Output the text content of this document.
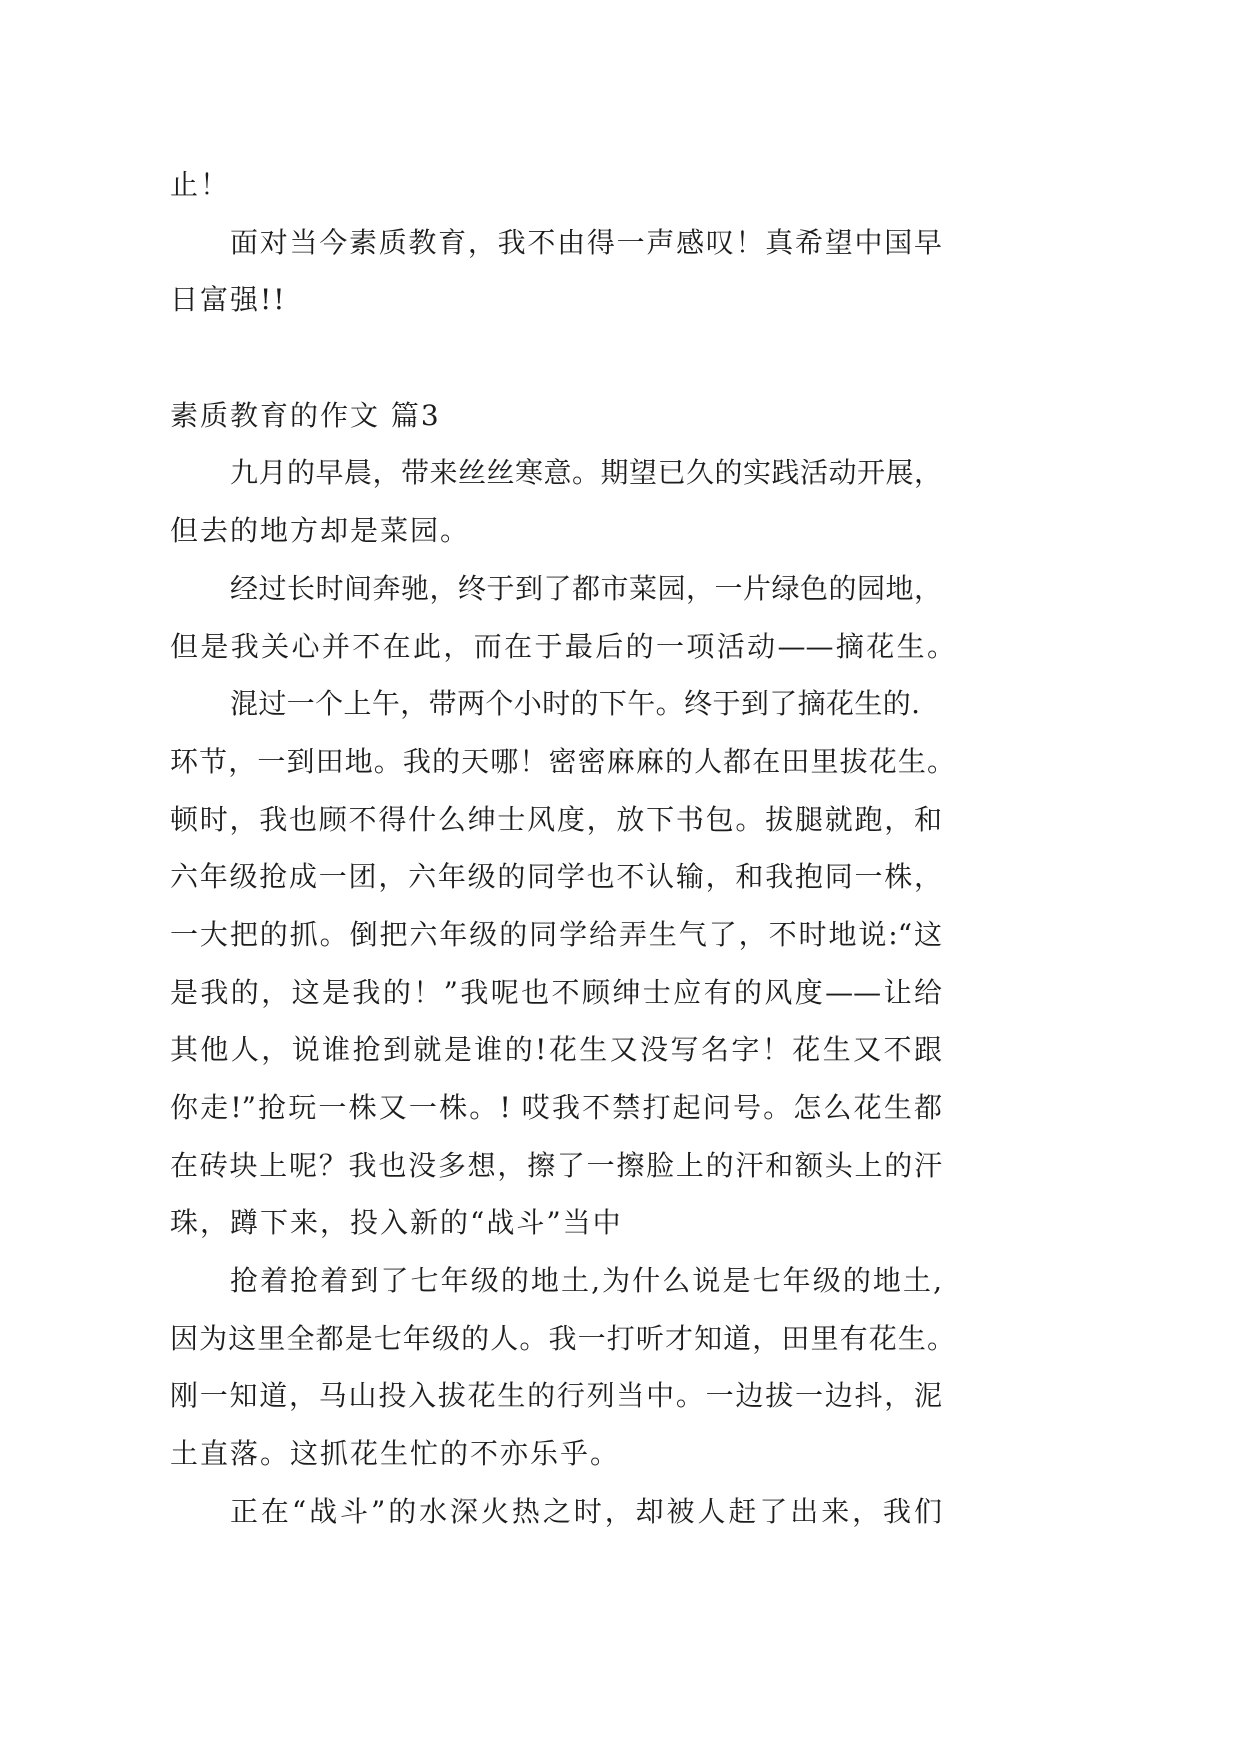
止！
面对当今素质教育，我不由得一声感叹！真希望中国早
日富强!!
素质教育的作文 篇3
九月的早晨，带来丝丝寒意。期望已久的实践活动开展，
但去的地方却是菜园。
经过长时间奔驰，终于到了都市菜园，一片绿色的园地，
但是我关心并不在此，而在于最后的一项活动——摘花生。
混过一个上午，带两个小时的下午。终于到了摘花生的.
环节，一到田地。我的天哪！密密麻麻的人都在田里拔花生。
顿时，我也顾不得什么绅士风度，放下书包。拔腿就跑，和
六年级抢成一团，六年级的同学也不认输，和我抱同一株，
一大把的抓。倒把六年级的同学给弄生气了，不时地说:“这
是我的，这是我的！”我呢也不顾绅士应有的风度——让给
其他人，说谁抢到就是谁的!花生又没写名字！花生又不跟
你走!”抢玩一株又一株。! 哎我不禁打起问号。怎么花生都
在砖块上呢？我也没多想，擦了一擦脸上的汗和额头上的汗
珠，蹲下来，投入新的“战斗”当中
抢着抢着到了七年级的地土,为什么说是七年级的地土,
因为这里全都是七年级的人。我一打听才知道，田里有花生。
刚一知道，马山投入拔花生的行列当中。一边拔一边抖，泥
土直落。这抓花生忙的不亦乐乎。
正在“战斗”的水深火热之时，却被人赶了出来，我们
